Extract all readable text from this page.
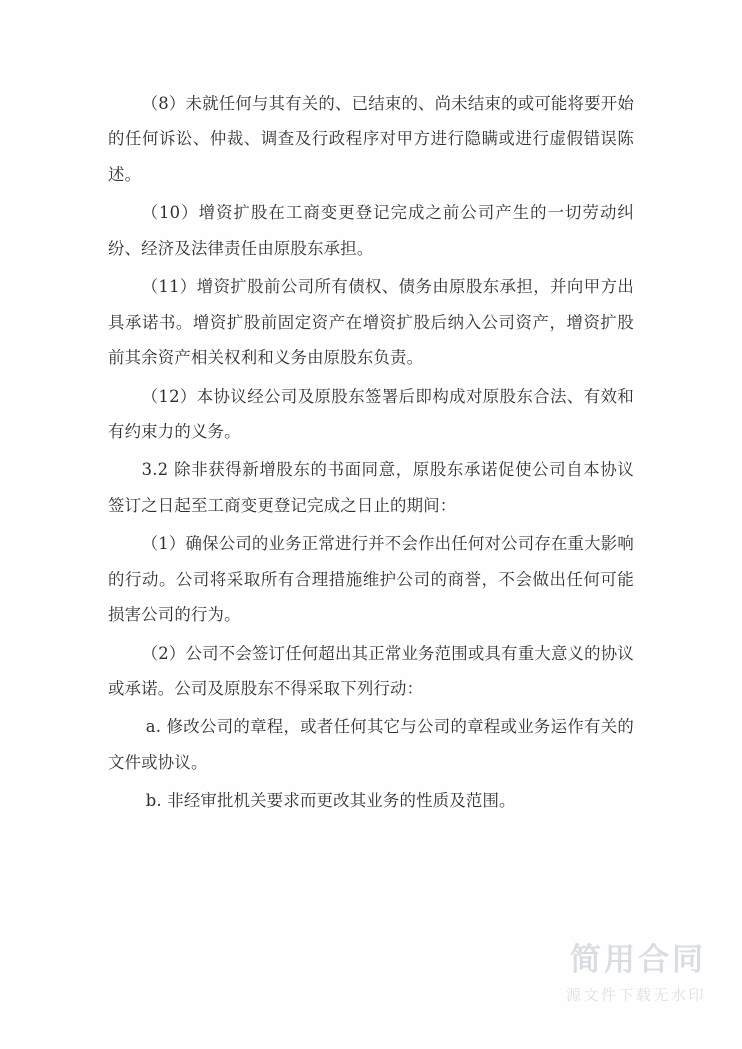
（8）未就任何与其有关的、已结束的、尚未结束的或可能将要开始的任何诉讼、仲裁、调查及行政程序对甲方进行隐瞒或进行虚假错误陈述。

（10）增资扩股在工商变更登记完成之前公司产生的一切劳动纠纷、经济及法律责任由原股东承担。

（11）增资扩股前公司所有债权、债务由原股东承担，并向甲方出具承诺书。增资扩股前固定资产在增资扩股后纳入公司资产，增资扩股前其余资产相关权利和义务由原股东负责。

（12）本协议经公司及原股东签署后即构成对原股东合法、有效和有约束力的义务。

3.2 除非获得新增股东的书面同意，原股东承诺促使公司自本协议签订之日起至工商变更登记完成之日止的期间：

（1）确保公司的业务正常进行并不会作出任何对公司存在重大影响的行动。公司将采取所有合理措施维护公司的商誉，不会做出任何可能损害公司的行为。

（2）公司不会签订任何超出其正常业务范围或具有重大意义的协议或承诺。公司及原股东不得采取下列行动：

a. 修改公司的章程，或者任何其它与公司的章程或业务运作有关的文件或协议。

b. 非经审批机关要求而更改其业务的性质及范围。

简用合同
源文件下载无水印
